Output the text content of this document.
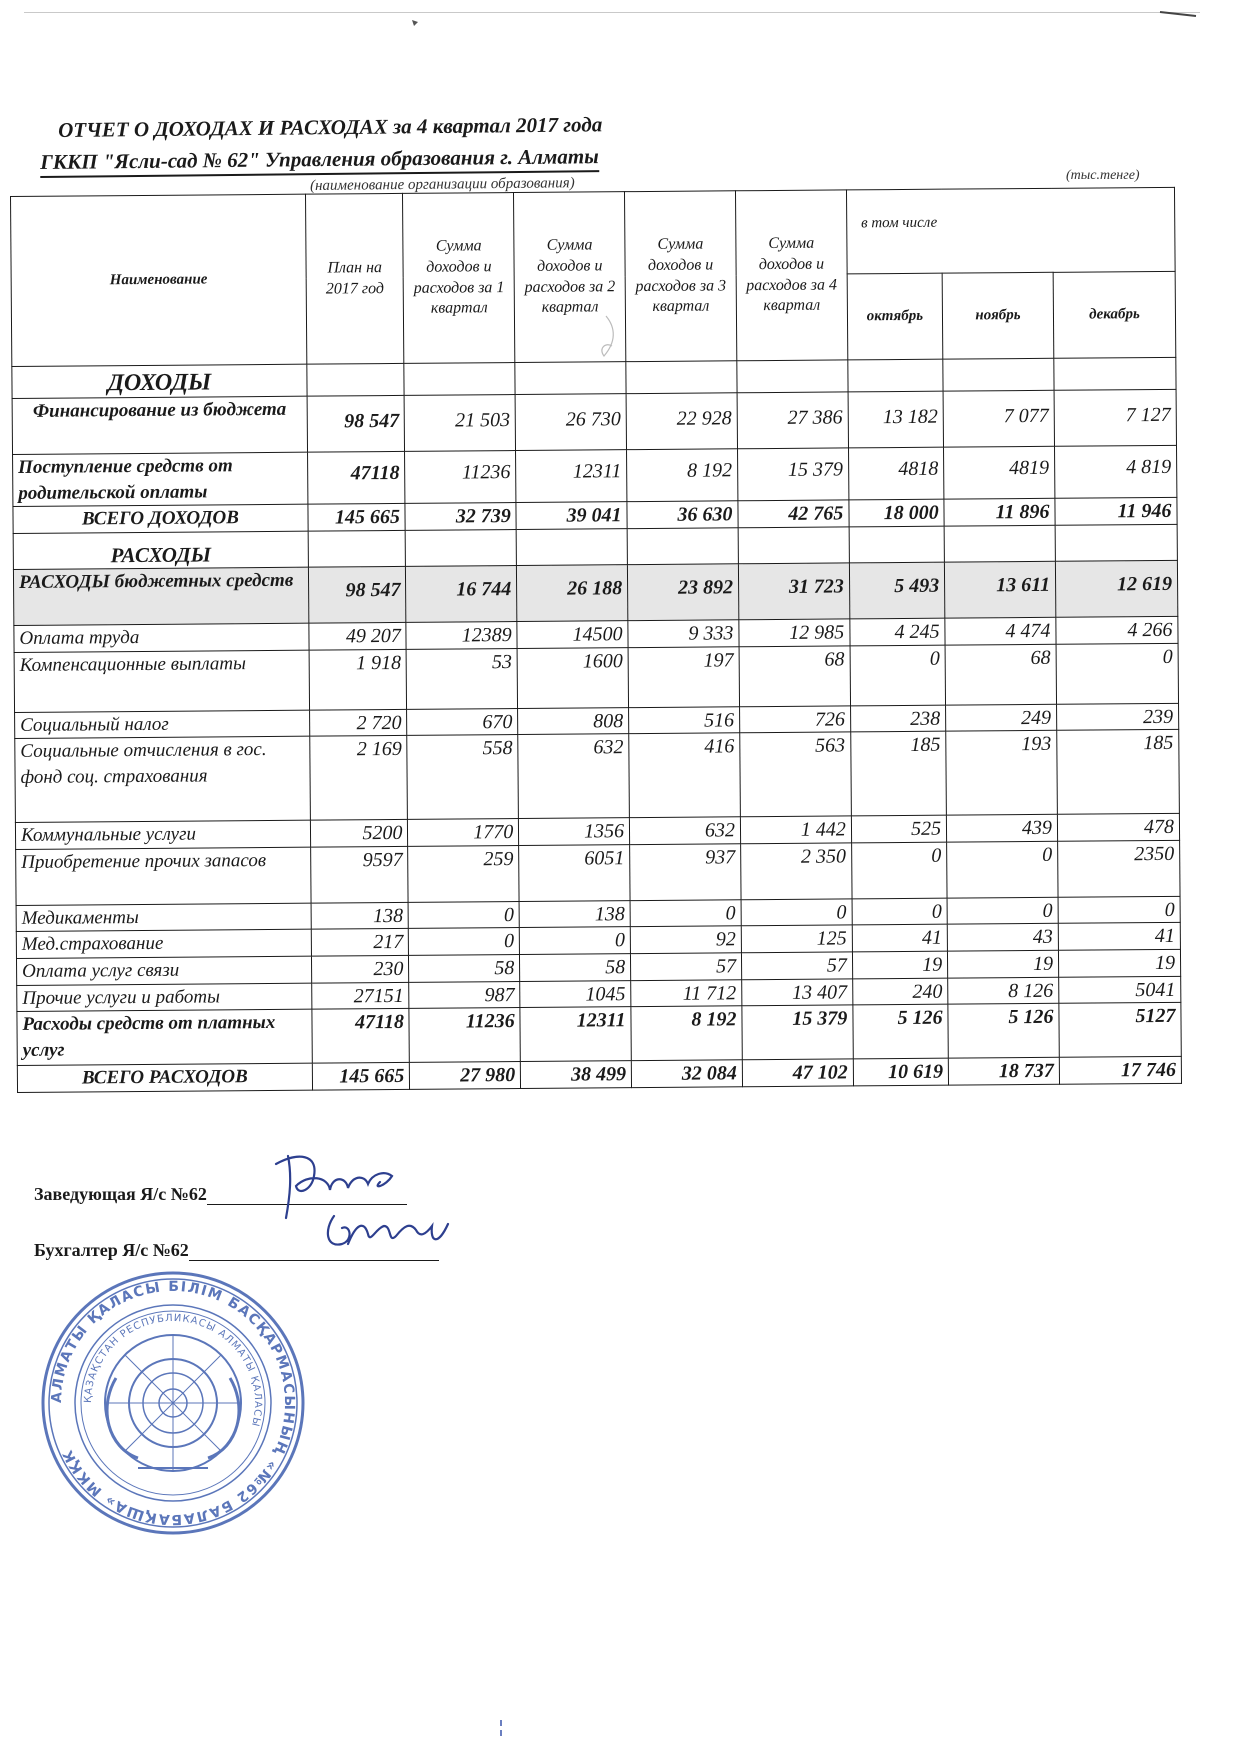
ОТЧЕТ О ДОХОДАХ И РАСХОДАХ за 4 квартал 2017 года
ГККП "Ясли-сад № 62" Управления образования г. Алматы
(наименование организации образования)	(тыс.тенге)
Наименование	План на 2017 год	Сумма доходов и расходов за 1 квартал	Сумма доходов и расходов за 2 квартал	Сумма доходов и расходов за 3 квартал	Сумма доходов и расходов за 4 квартал	в том числе		
						октябрь	ноябрь	декабрь
ДОХОДЫ								
Финансирование из бюджета	98 547	21 503	26 730	22 928	27 386	13 182	7 077	7 127
Поступление средств от родительской оплаты	47118	11236	12311	8 192	15 379	4818	4819	4 819
ВСЕГО ДОХОДОВ	145 665	32 739	39 041	36 630	42 765	18 000	11 896	11 946
РАСХОДЫ								
РАСХОДЫ бюджетных средств	98 547	16 744	26 188	23 892	31 723	5 493	13 611	12 619
Оплата труда	49 207	12389	14500	9 333	12 985	4 245	4 474	4 266
Компенсационные выплаты	1 918	53	1600	197	68	0	68	0
Социальный налог	2 720	670	808	516	726	238	249	239
Социальные отчисления в гос. фонд соц. страхования	2 169	558	632	416	563	185	193	185
Коммунальные услуги	5200	1770	1356	632	1 442	525	439	478
Приобретение прочих запасов	9597	259	6051	937	2 350	0	0	2350
Медикаменты	138	0	138	0	0	0	0	0
Мед.страхование	217	0	0	92	125	41	43	41
Оплата услуг связи	230	58	58	57	57	19	19	19
Прочие услуги и работы	27151	987	1045	11 712	13 407	240	8 126	5041
Расходы средств от платных услуг	47118	11236	12311	8 192	15 379	5 126	5 126	5127
ВСЕГО РАСХОДОВ	145 665	27 980	38 499	32 084	47 102	10 619	18 737	17 746
Заведующая Я/с №62
Бухгалтер Я/с №62
АЛМАТЫ ҚАЛАСЫ БІЛІМ БАСҚАРМАСЫНЫҢ «№62 БАЛАБАҚША» МКҚК
ҚАЗАҚСТАН РЕСПУБЛИКАСЫ АЛМАТЫ ҚАЛАСЫ
